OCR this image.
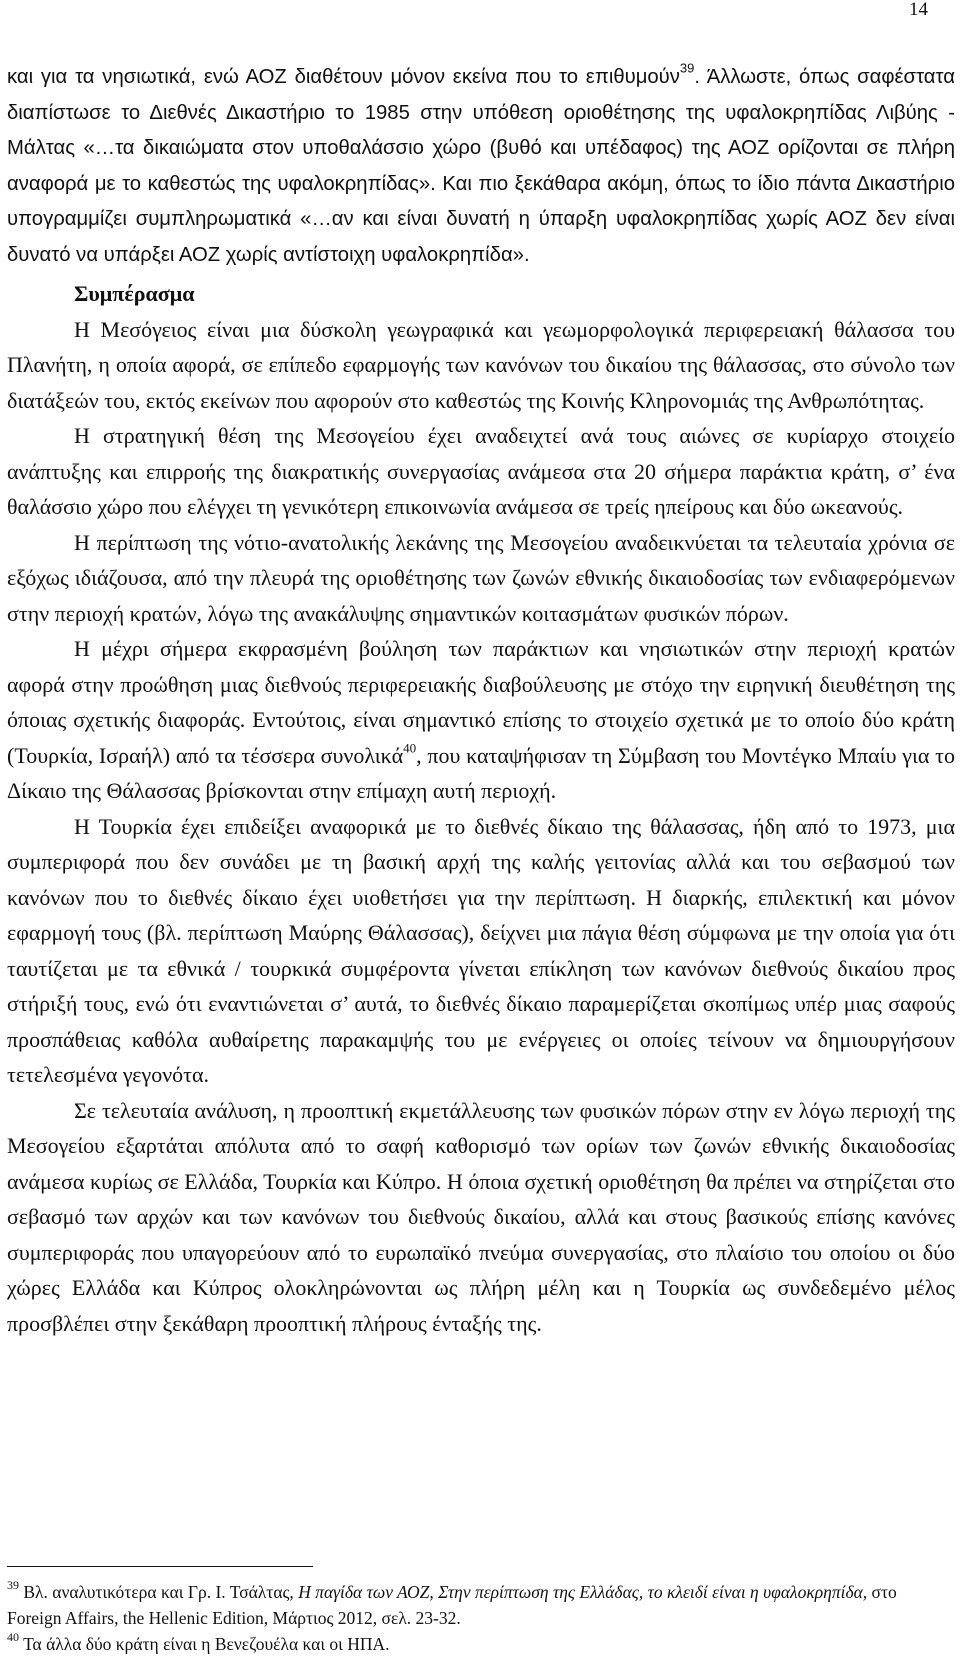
14

και για τα νησιωτικά, ενώ ΑΟΖ διαθέτουν μόνον εκείνα που το επιθυμούν$^{39}$. Άλλωστε, όπως σαφέστατα διαπίστωσε το Διεθνές Δικαστήριο το 1985 στην υπόθεση οριοθέτησης της υφαλοκρηπίδας Λιβύης - Μάλτας «…τα δικαιώματα στον υποθαλάσσιο χώρο (βυθό και υπέδαφος) της ΑΟΖ ορίζονται σε πλήρη αναφορά με το καθεστώς της υφαλοκρηπίδας». Και πιο ξεκάθαρα ακόμη, όπως το ίδιο πάντα Δικαστήριο υπογραμμίζει συμπληρωματικά «…αν και είναι δυνατή η ύπαρξη υφαλοκρηπίδας χωρίς ΑΟΖ δεν είναι δυνατό να υπάρξει ΑΟΖ χωρίς αντίστοιχη υφαλοκρηπίδα».

Συμπέρασμα

Η Μεσόγειος είναι μια δύσκολη γεωγραφικά και γεωμορφολογικά περιφερειακή θάλασσα του Πλανήτη, η οποία αφορά, σε επίπεδο εφαρμογής των κανόνων του δικαίου της θάλασσας, στο σύνολο των διατάξεών του, εκτός εκείνων που αφορούν στο καθεστώς της Κοινής Κληρονομιάς της Ανθρωπότητας.

Η στρατηγική θέση της Μεσογείου έχει αναδειχτεί ανά τους αιώνες σε κυρίαρχο στοιχείο ανάπτυξης και επιρροής της διακρατικής συνεργασίας ανάμεσα στα 20 σήμερα παράκτια κράτη, σ’ ένα θαλάσσιο χώρο που ελέγχει τη γενικότερη επικοινωνία ανάμεσα σε τρείς ηπείρους και δύο ωκεανούς.

Η περίπτωση της νότιο-ανατολικής λεκάνης της Μεσογείου αναδεικνύεται τα τελευταία χρόνια σε εξόχως ιδιάζουσα, από την πλευρά της οριοθέτησης των ζωνών εθνικής δικαιοδοσίας των ενδιαφερόμενων στην περιοχή κρατών, λόγω της ανακάλυψης σημαντικών κοιτασμάτων φυσικών πόρων.

Η μέχρι σήμερα εκφρασμένη βούληση των παράκτιων και νησιωτικών στην περιοχή κρατών αφορά στην προώθηση μιας διεθνούς περιφερειακής διαβούλευσης με στόχο την ειρηνική διευθέτηση της όποιας σχετικής διαφοράς. Εντούτοις, είναι σημαντικό επίσης το στοιχείο σχετικά με το οποίο δύο κράτη (Τουρκία, Ισραήλ) από τα τέσσερα συνολικά$^{40}$, που καταψήφισαν τη Σύμβαση του Μοντέγκο Μπαίυ για το Δίκαιο της Θάλασσας βρίσκονται στην επίμαχη αυτή περιοχή.

Η Τουρκία έχει επιδείξει αναφορικά με το διεθνές δίκαιο της θάλασσας, ήδη από το 1973, μια συμπεριφορά που δεν συνάδει με τη βασική αρχή της καλής γειτονίας αλλά και του σεβασμού των κανόνων που το διεθνές δίκαιο έχει υιοθετήσει για την περίπτωση. Η διαρκής, επιλεκτική και μόνον εφαρμογή τους (βλ. περίπτωση Μαύρης Θάλασσας), δείχνει μια πάγια θέση σύμφωνα με την οποία για ότι ταυτίζεται με τα εθνικά / τουρκικά συμφέροντα γίνεται επίκληση των κανόνων διεθνούς δικαίου προς στήριξή τους, ενώ ότι εναντιώνεται σ’ αυτά, το διεθνές δίκαιο παραμερίζεται σκοπίμως υπέρ μιας σαφούς προσπάθειας καθόλα αυθαίρετης παρακαμψής του με ενέργειες οι οποίες τείνουν να δημιουργήσουν τετελεσμένα γεγονότα.

Σε τελευταία ανάλυση, η προοπτική εκμετάλλευσης των φυσικών πόρων στην εν λόγω περιοχή της Μεσογείου εξαρτάται απόλυτα από το σαφή καθορισμό των ορίων των ζωνών εθνικής δικαιοδοσίας ανάμεσα κυρίως σε Ελλάδα, Τουρκία και Κύπρο. Η όποια σχετική οριοθέτηση θα πρέπει να στηρίζεται στο σεβασμό των αρχών και των κανόνων του διεθνούς δικαίου, αλλά και στους βασικούς επίσης κανόνες συμπεριφοράς που υπαγορεύουν από το ευρωπαϊκό πνεύμα συνεργασίας, στο πλαίσιο του οποίου οι δύο χώρες Ελλάδα και Κύπρος ολοκληρώνονται ως πλήρη μέλη και η Τουρκία ως συνδεδεμένο μέλος προσβλέπει στην ξεκάθαρη προοπτική πλήρους ένταξής της.

$^{39}$ Βλ. αναλυτικότερα και Γρ. Ι. Τσάλτας, Η παγίδα των ΑΟΖ, Στην περίπτωση της Ελλάδας, το κλειδί είναι η υφαλοκρηπίδα, στο Foreign Affairs, the Hellenic Edition, Μάρτιος 2012, σελ. 23-32.

$^{40}$ Τα άλλα δύο κράτη είναι η Βενεζουέλα και οι ΗΠΑ.
